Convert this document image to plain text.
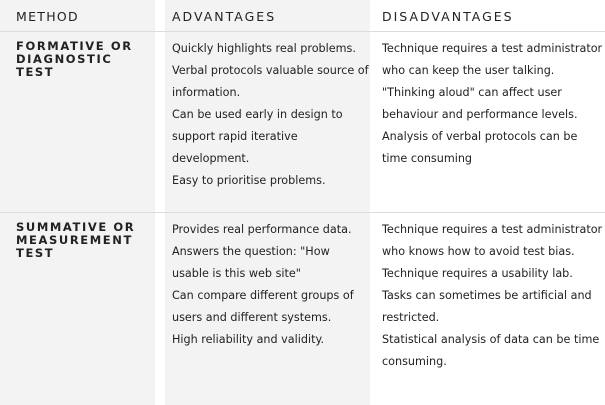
METHOD	ADVANTAGES	DISADVANTAGES
FORMATIVE OR
DIAGNOSTIC
TEST
Quickly highlights real problems.
Verbal protocols valuable source of information.
Can be used early in design to support rapid iterative development.
Easy to prioritise problems.
Technique requires a test administrator who can keep the user talking.
"Thinking aloud" can affect user behaviour and performance levels.
Analysis of verbal protocols can be time consuming
SUMMATIVE OR
MEASUREMENT
TEST
Provides real performance data.
Answers the question: "How usable is this web site"
Can compare different groups of users and different systems.
High reliability and validity.
Technique requires a test administrator who knows how to avoid test bias.
Technique requires a usability lab.
Tasks can sometimes be artificial and restricted.
Statistical analysis of data can be time consuming.
